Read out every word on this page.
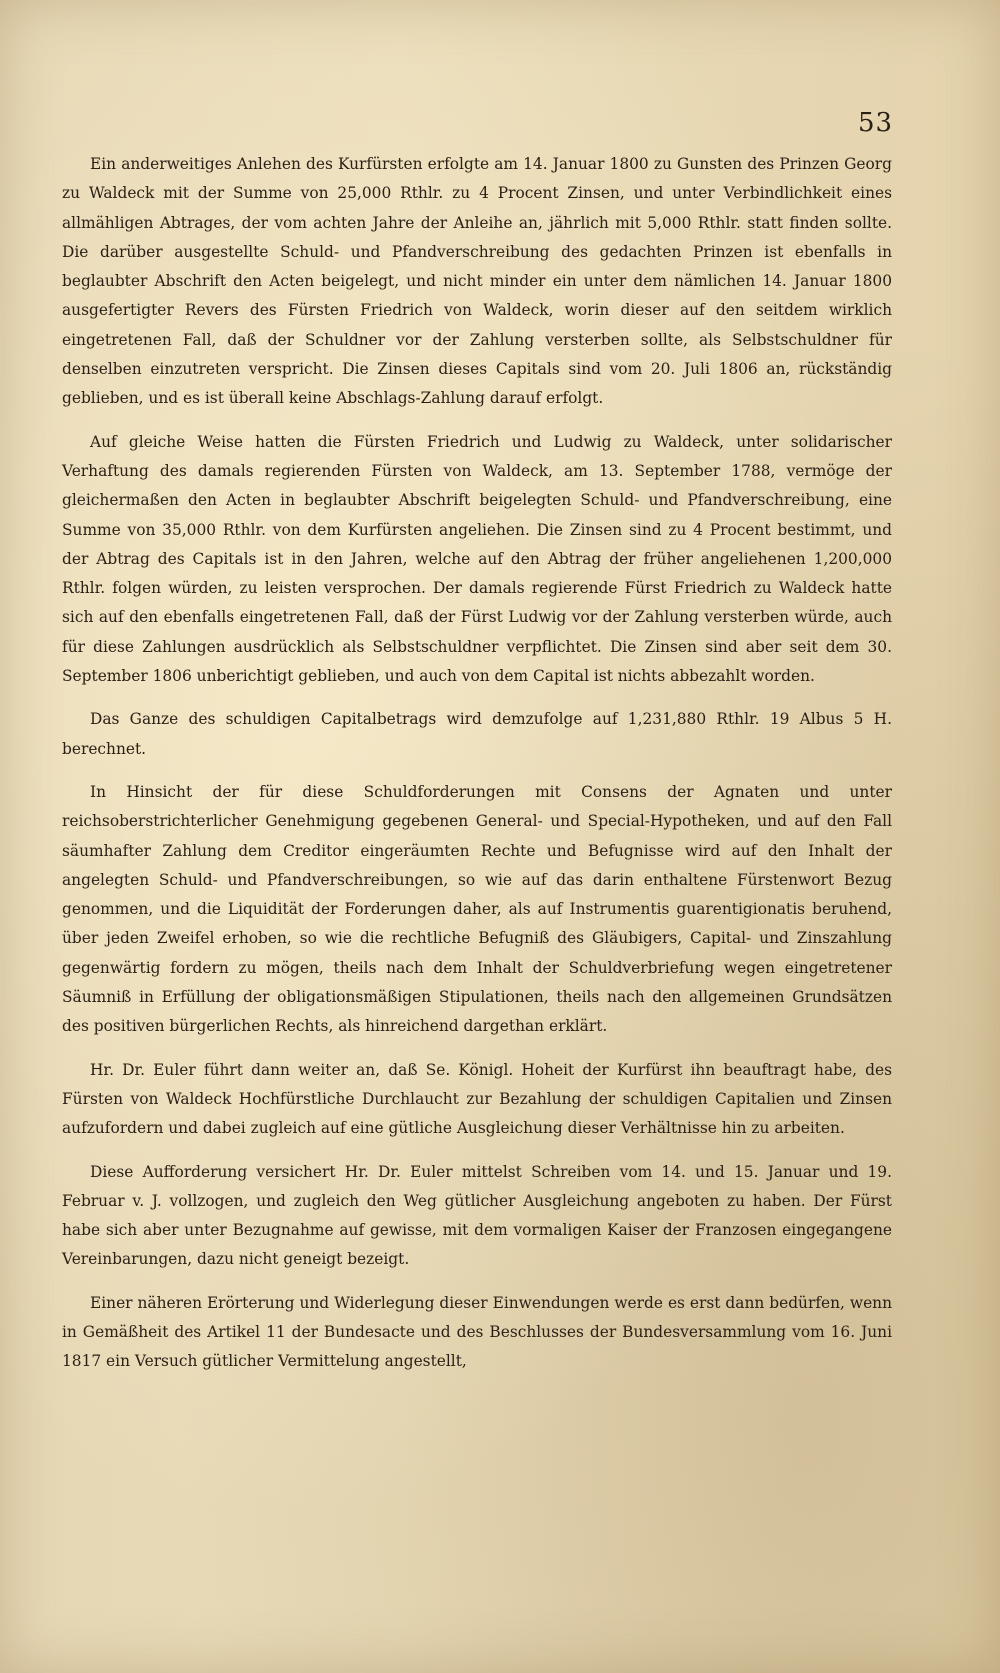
53

Ein anderweitiges Anlehen des Kurfürsten erfolgte am 14. Januar 1800 zu Gunsten des Prinzen Georg zu Waldeck mit der Summe von 25,000 Rthlr. zu 4 Procent Zinsen, und unter Verbindlichkeit eines allmähligen Abtrages, der vom achten Jahre der Anleihe an, jährlich mit 5,000 Rthlr. statt finden sollte. Die darüber ausgestellte Schuld- und Pfandverschreibung des gedachten Prinzen ist ebenfalls in beglaubter Abschrift den Acten beigelegt, und nicht minder ein unter dem nämlichen 14. Januar 1800 ausgefertigter Revers des Fürsten Friedrich von Waldeck, worin dieser auf den seitdem wirklich eingetretenen Fall, daß der Schuldner vor der Zahlung versterben sollte, als Selbstschuldner für denselben einzutreten verspricht. Die Zinsen dieses Capitals sind vom 20. Juli 1806 an, rückständig geblieben, und es ist überall keine Abschlags-Zahlung darauf erfolgt.

Auf gleiche Weise hatten die Fürsten Friedrich und Ludwig zu Waldeck, unter solidarischer Verhaftung des damals regierenden Fürsten von Waldeck, am 13. September 1788, vermöge der gleichermaßen den Acten in beglaubter Abschrift beigelegten Schuld- und Pfandverschreibung, eine Summe von 35,000 Rthlr. von dem Kurfürsten angeliehen. Die Zinsen sind zu 4 Procent bestimmt, und der Abtrag des Capitals ist in den Jahren, welche auf den Abtrag der früher angeliehenen 1,200,000 Rthlr. folgen würden, zu leisten versprochen. Der damals regierende Fürst Friedrich zu Waldeck hatte sich auf den ebenfalls eingetretenen Fall, daß der Fürst Ludwig vor der Zahlung versterben würde, auch für diese Zahlungen ausdrücklich als Selbstschuldner verpflichtet. Die Zinsen sind aber seit dem 30. September 1806 unberichtigt geblieben, und auch von dem Capital ist nichts abbezahlt worden.

Das Ganze des schuldigen Capitalbetrags wird demzufolge auf 1,231,880 Rthlr. 19 Albus 5 H. berechnet.

In Hinsicht der für diese Schuldforderungen mit Consens der Agnaten und unter reichsoberstrichterlicher Genehmigung gegebenen General- und Special-Hypotheken, und auf den Fall säumhafter Zahlung dem Creditor eingeräumten Rechte und Befugnisse wird auf den Inhalt der angelegten Schuld- und Pfandverschreibungen, so wie auf das darin enthaltene Fürstenwort Bezug genommen, und die Liquidität der Forderungen daher, als auf Instrumentis guarentigionatis beruhend, über jeden Zweifel erhoben, so wie die rechtliche Befugniß des Gläubigers, Capital- und Zinszahlung gegenwärtig fordern zu mögen, theils nach dem Inhalt der Schuldverbriefung wegen eingetretener Säumniß in Erfüllung der obligationsmäßigen Stipulationen, theils nach den allgemeinen Grundsätzen des positiven bürgerlichen Rechts, als hinreichend dargethan erklärt.

Hr. Dr. Euler führt dann weiter an, daß Se. Königl. Hoheit der Kurfürst ihn beauftragt habe, des Fürsten von Waldeck Hochfürstliche Durchlaucht zur Bezahlung der schuldigen Capitalien und Zinsen aufzufordern und dabei zugleich auf eine gütliche Ausgleichung dieser Verhältnisse hin zu arbeiten.

Diese Aufforderung versichert Hr. Dr. Euler mittelst Schreiben vom 14. und 15. Januar und 19. Februar v. J. vollzogen, und zugleich den Weg gütlicher Ausgleichung angeboten zu haben. Der Fürst habe sich aber unter Bezugnahme auf gewisse, mit dem vormaligen Kaiser der Franzosen eingegangene Vereinbarungen, dazu nicht geneigt bezeigt.

Einer näheren Erörterung und Widerlegung dieser Einwendungen werde es erst dann bedürfen, wenn in Gemäßheit des Artikel 11 der Bundesacte und des Beschlusses der Bundesversammlung vom 16. Juni 1817 ein Versuch gütlicher Vermittelung angestellt,
